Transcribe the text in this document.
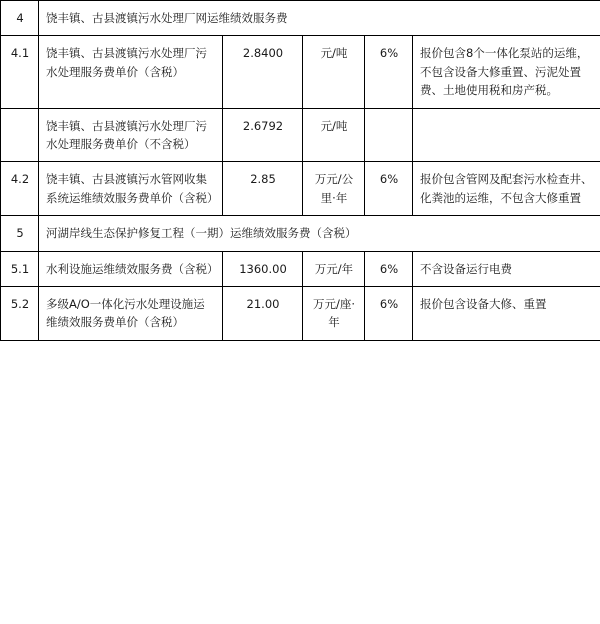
4	饶丰镇、古县渡镇污水处理厂网运维绩效服务费				
4.1	饶丰镇、古县渡镇污水处理厂污水处理服务费单价（含税）	2.8400	元/吨	6%	报价包含8个一体化泵站的运维，不包含设备大修重置、污泥处置费、土地使用税和房产税。
	饶丰镇、古县渡镇污水处理厂污水处理服务费单价（不含税）	2.6792	元/吨		
4.2	饶丰镇、古县渡镇污水管网收集系统运维绩效服务费单价（含税）	2.85	万元/公里·年	6%	报价包含管网及配套污水检查井、化粪池的运维，不包含大修重置
5	河湖岸线生态保护修复工程（一期）运维绩效服务费（含税）				
5.1	水利设施运维绩效服务费（含税）	1360.00	万元/年	6%	不含设备运行电费
5.2	多级A/O一体化污水处理设施运维绩效服务费单价（含税）	21.00	万元/座·年	6%	报价包含设备大修、重置
